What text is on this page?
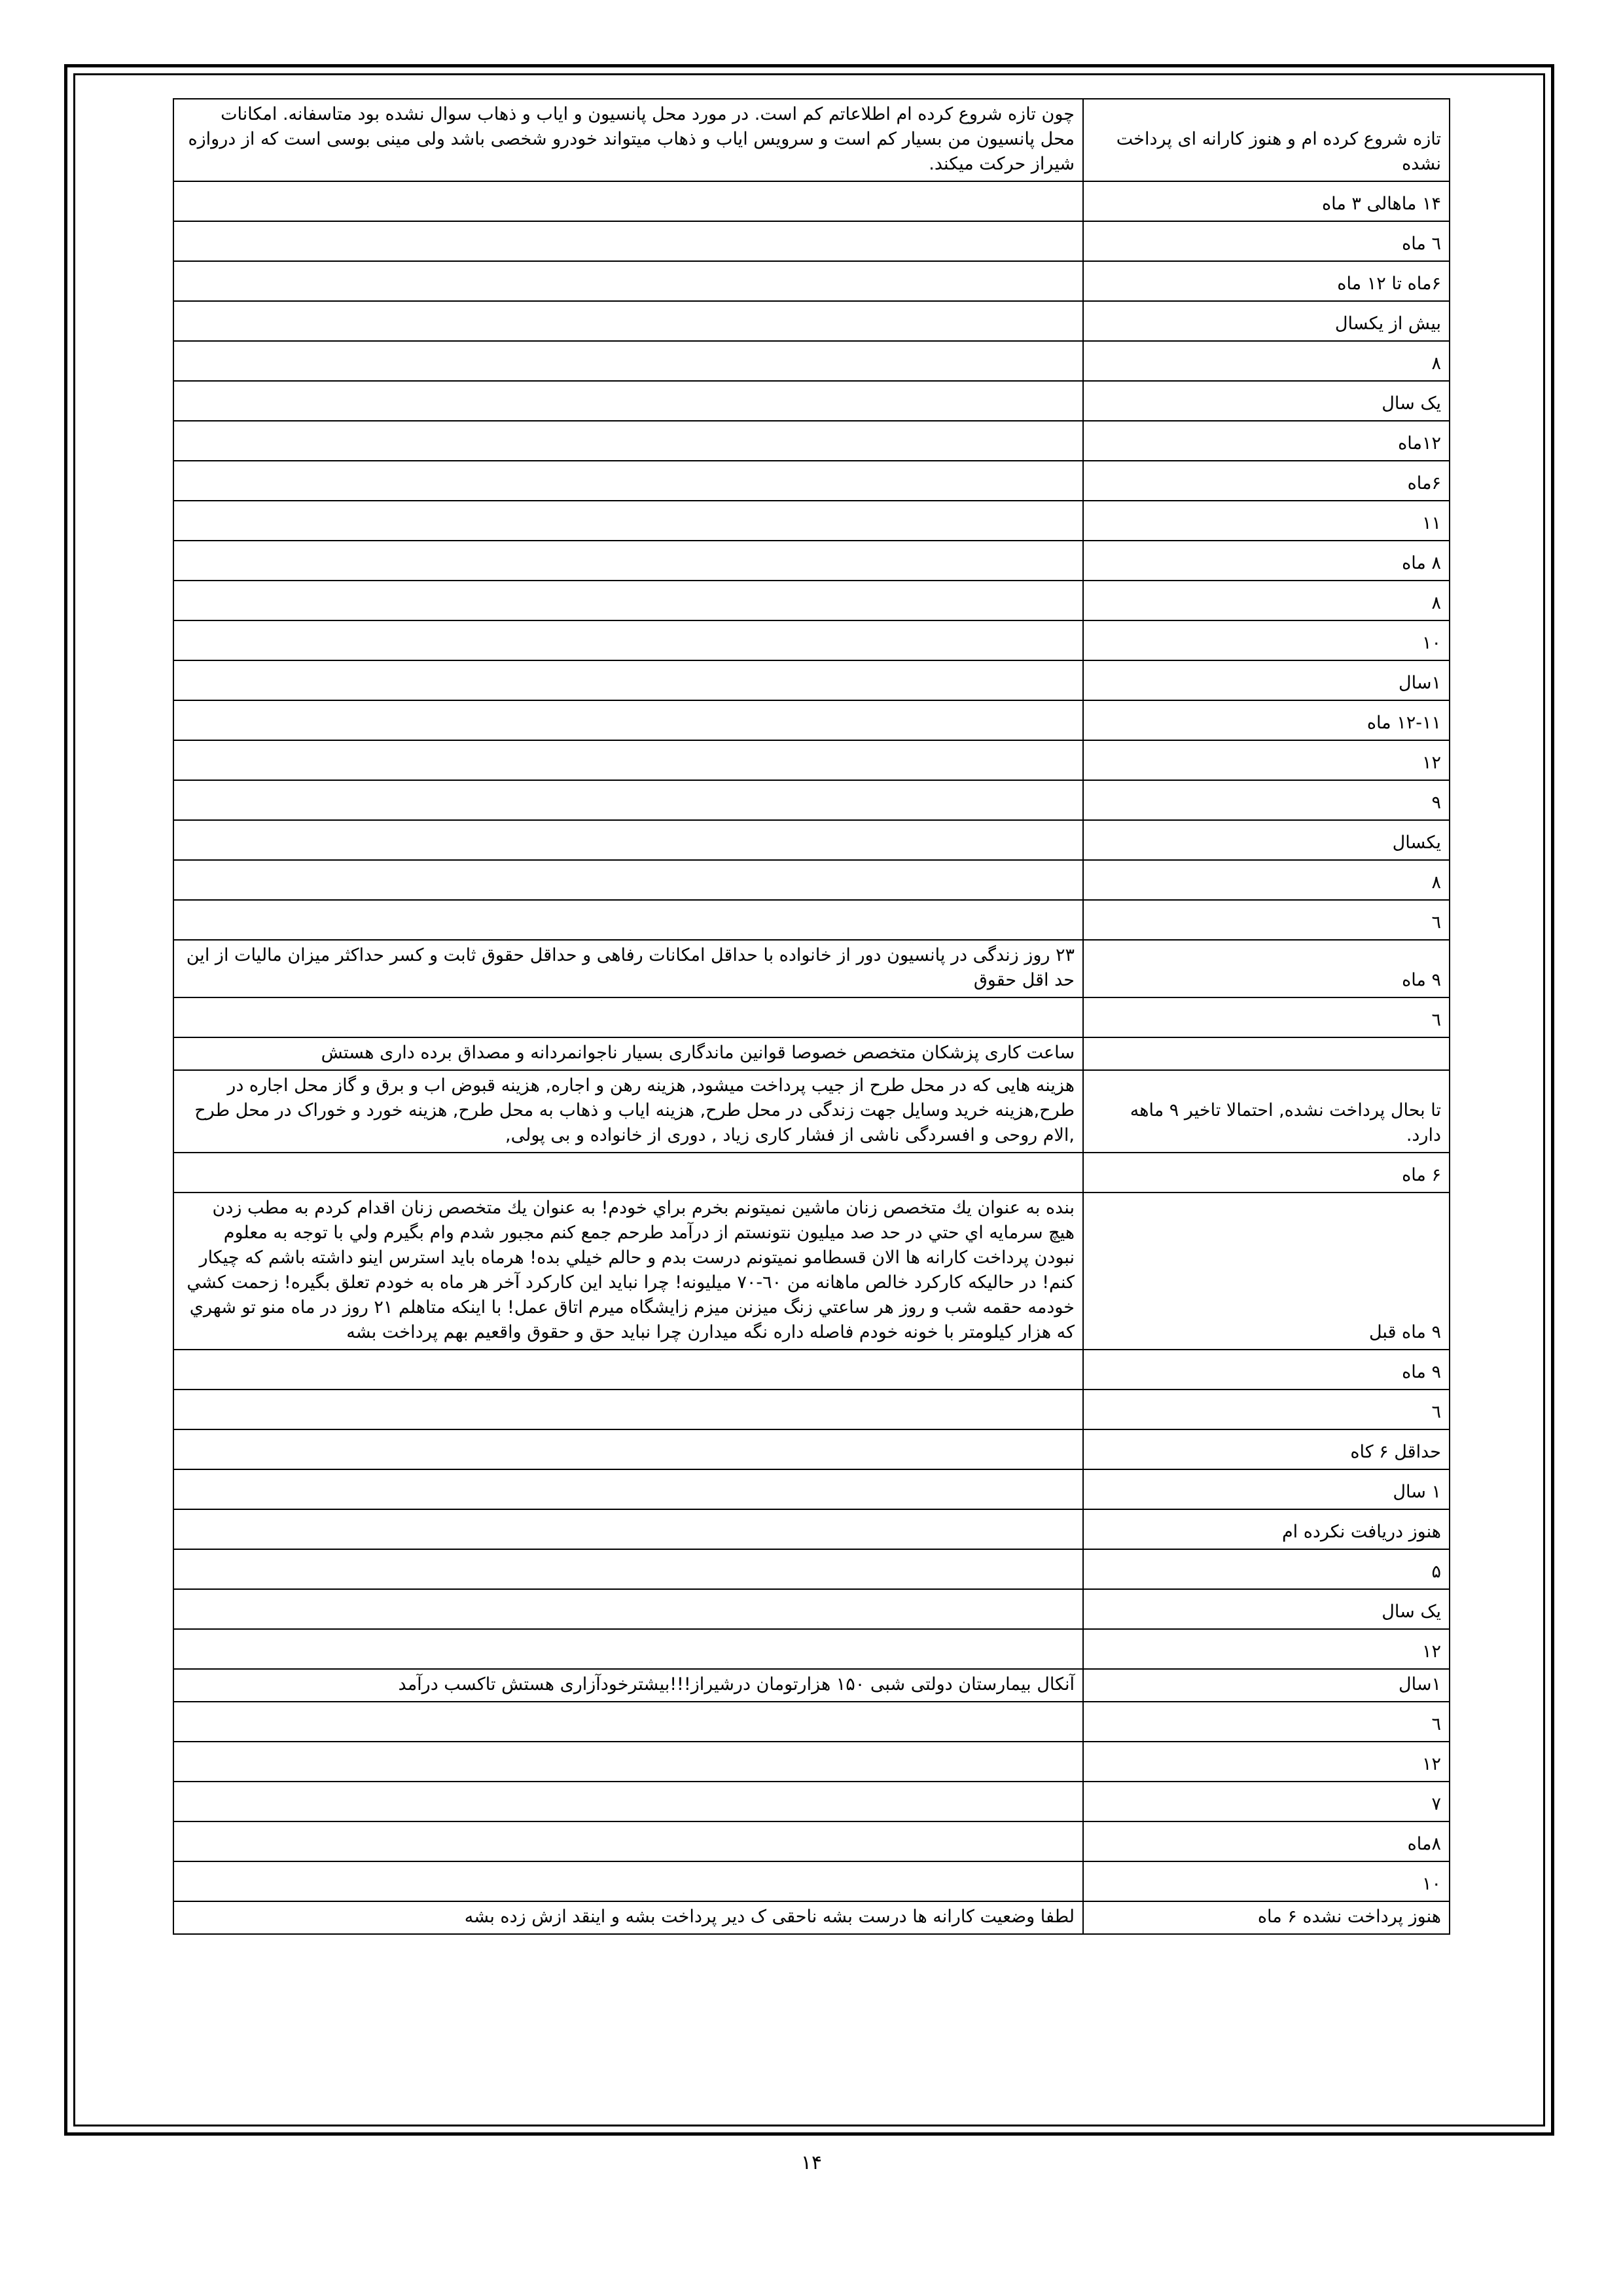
تازه شروع کرده ام و هنوز کارانه ای پرداخت نشده	چون تازه شروع کرده ام اطلاعاتم کم است. در مورد محل پانسیون و ایاب و ذهاب سوال نشده بود متاسفانه. امکانات محل پانسیون من بسیار کم است و سرویس ایاب و ذهاب میتواند خودرو شخصی باشد ولی مینی بوسی است که از دروازه شیراز حرکت میکند.
۱۴ ماهالی ۳ ماه	
٦ ماه	
۶ماه تا ۱۲ ماه	
بیش از یکسال	
۸	
یک سال	
۱۲ماه	
۶ماه	
۱۱	
۸ ماه	
۸	
۱۰	
۱سال	
۱۲-۱۱ ماه	
۱۲	
۹	
یکسال	
۸	
٦	
۹ ماه	۲۳ روز زندگی در پانسیون دور از خانواده با حداقل امکانات رفاهی و حداقل حقوق ثابت و کسر حداکثر میزان مالیات از این حد اقل حقوق
٦	
	ساعت کاری پزشکان متخصص خصوصا قوانین ماندگاری بسیار ناجوانمردانه و مصداق برده داری هستش
تا بحال پرداخت نشده, احتمالا تاخیر ۹ ماهه دارد.	هزینه هایی که در محل طرح از جیب پرداخت میشود, هزینه رهن و اجاره, هزینه قبوض اب و برق و گاز محل اجاره در طرح,هزینه خرید وسایل جهت زندگی در محل طرح, هزینه ایاب و ذهاب به محل طرح, هزینه خورد و خوراک در محل طرح ,الام روحی و افسردگی ناشی از فشار کاری زیاد , دوری از خانواده و بی پولی,
۶ ماه	
۹ ماه قبل	بنده به عنوان يك متخصص زنان ماشين نميتونم بخرم براي خودم! به عنوان يك متخصص زنان اقدام كردم به مطب زدن هيچ سرمايه اي حتي در حد صد ميليون نتونستم از درآمد طرحم جمع كنم مجبور شدم وام بگيرم ولي با توجه به معلوم نبودن پرداخت كارانه ها الان قسطامو نميتونم درست بدم و حالم خيلي بده! هرماه بايد استرس اينو داشته باشم كه چيكار كنم! در حاليكه كاركرد خالص ماهانه من ٦٠-٧٠ ميليونه! چرا نبايد اين كاركرد آخر هر ماه به خودم تعلق بگيره! زحمت كشي خودمه حقمه شب و روز هر ساعتي زنگ ميزنن ميزم زايشگاه ميرم اتاق عمل! با اينكه متاهلم ۲۱ روز در ماه منو تو شهري كه هزار كيلومتر با خونه خودم فاصله داره نگه ميدارن چرا نبايد حق و حقوق واقعيم بهم پرداخت بشه
۹ ماه	
٦	
حداقل ۶ کاه	
۱ سال	
هنوز دریافت نکرده ام	
۵	
یک سال	
۱۲	
۱سال	آنکال بیمارستان دولتی شبی ۱۵۰ هزارتومان درشیراز!!!بیشترخودآزاری هستش تاکسب درآمد
٦	
۱۲	
۷	
۸ماه	
۱۰	
هنوز پرداخت نشده ۶ ماه	لطفا وضعیت کارانه ها درست بشه ناحقی ک دیر پرداخت بشه و اینقد ازش زده بشه
۱۴
